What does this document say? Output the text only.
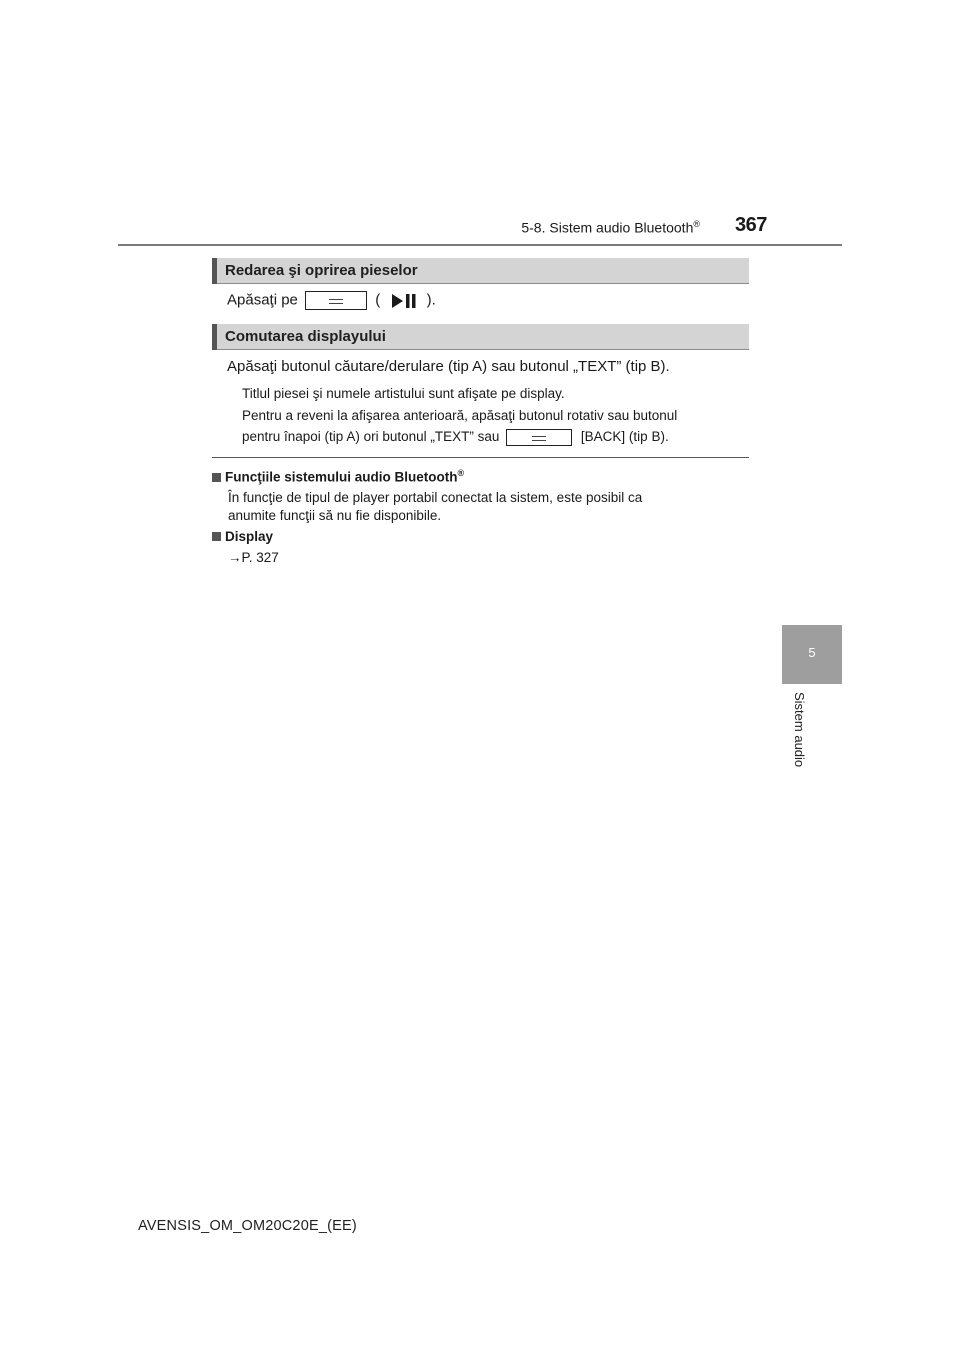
5-8. Sistem audio Bluetooth® 367
5
Sistem audio
Redarea şi oprirea pieselor
Apăsaţi pe	(	).
Comutarea displayului
Apăsaţi butonul căutare/derulare (tip A) sau butonul „TEXT” (tip B).
Titlul piesei şi numele artistului sunt afişate pe display.
Pentru a reveni la afişarea anterioară, apăsaţi butonul rotativ sau butonul
pentru înapoi (tip A) ori butonul „TEXT” sau	[BACK] (tip B).
Funcţiile sistemului audio Bluetooth®
În funcţie de tipul de player portabil conectat la sistem, este posibil ca
anumite funcţii să nu fie disponibile.
Display
→P. 327
AVENSIS_OM_OM20C20E_(EE)
